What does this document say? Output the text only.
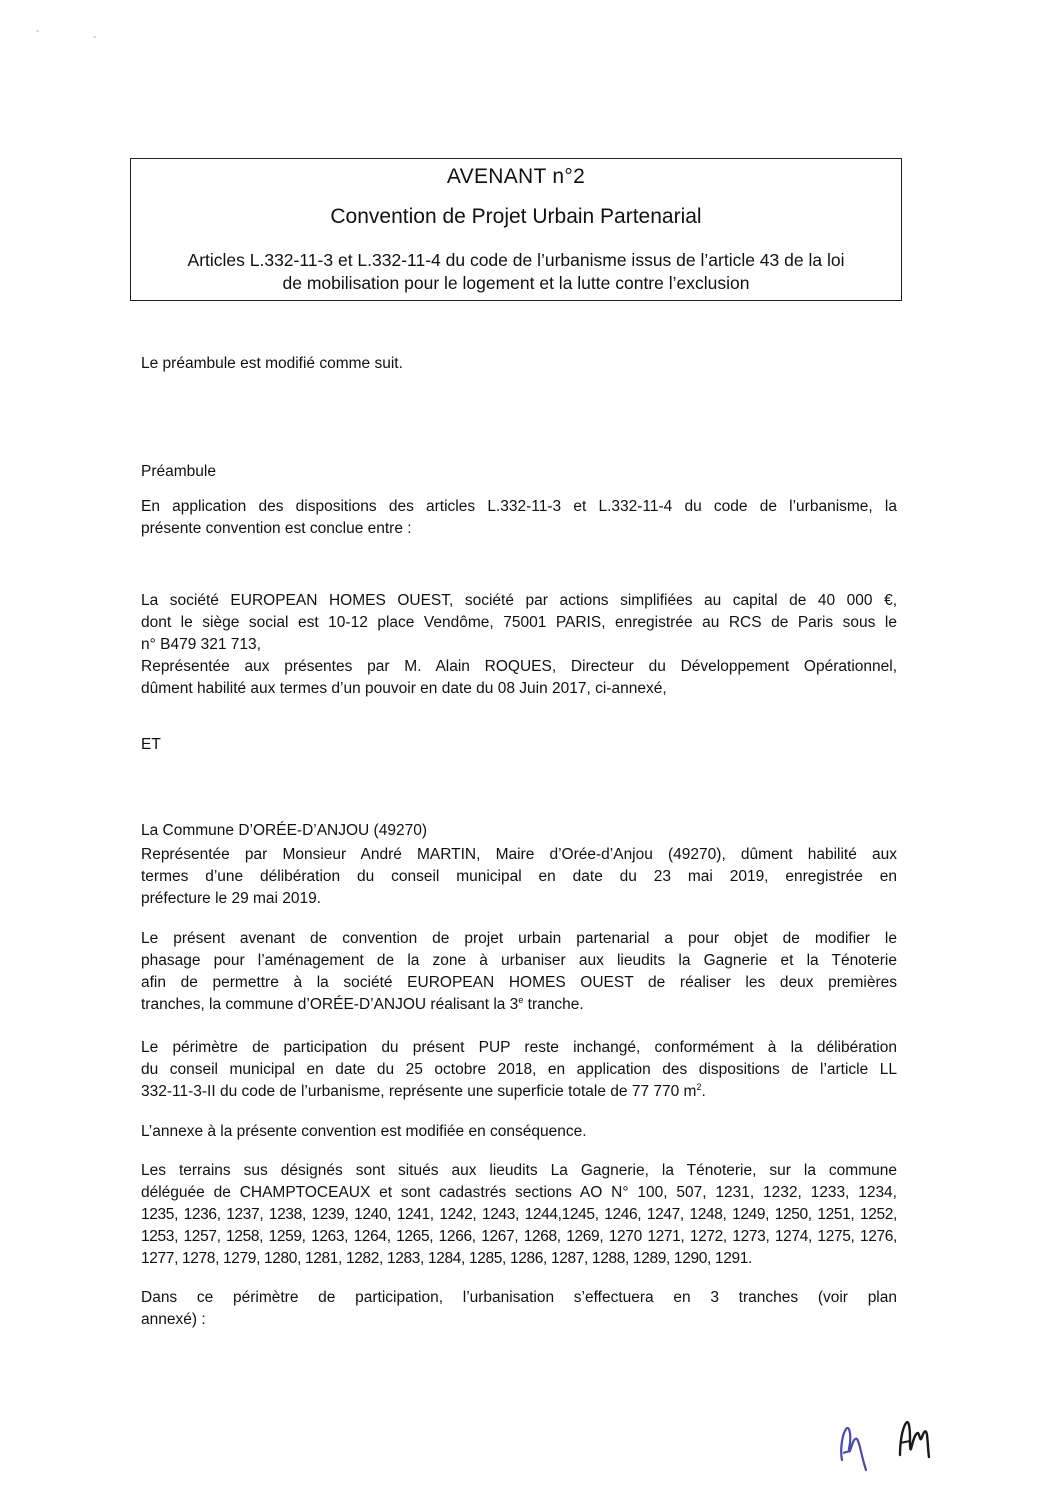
AVENANT n°2
Convention de Projet Urbain Partenarial
Articles L.332-11-3 et L.332-11-4 du code de l’urbanisme issus de l’article 43 de la loi
de mobilisation pour le logement et la lutte contre l’exclusion
Le préambule est modifié comme suit.
Préambule
En application des dispositions des articles L.332-11-3 et L.332-11-4 du code de l’urbanisme, la
présente convention est conclue entre :
La société EUROPEAN HOMES OUEST, société par actions simplifiées au capital de 40 000 €,
dont le siège social est 10-12 place Vendôme, 75001 PARIS, enregistrée au RCS de Paris sous le
n° B479 321 713,
Représentée aux présentes par M. Alain ROQUES, Directeur du Développement Opérationnel,
dûment habilité aux termes d’un pouvoir en date du 08 Juin 2017, ci-annexé,
ET
La Commune D’ORÉE-D’ANJOU (49270)
Représentée par Monsieur André MARTIN, Maire d’Orée-d’Anjou (49270), dûment habilité aux
termes d’une délibération du conseil municipal en date du 23 mai 2019, enregistrée en
préfecture le 29 mai 2019.
Le présent avenant de convention de projet urbain partenarial a pour objet de modifier le
phasage pour l’aménagement de la zone à urbaniser aux lieudits la Gagnerie et la Ténoterie
afin de permettre à la société EUROPEAN HOMES OUEST de réaliser les deux premières
tranches, la commune d’ORÉE-D’ANJOU réalisant la 3e tranche.
Le périmètre de participation du présent PUP reste inchangé, conformément à la délibération
du conseil municipal en date du 25 octobre 2018, en application des dispositions de l’article LL
332-11-3-II du code de l’urbanisme, représente une superficie totale de 77 770 $m^2$.
L’annexe à la présente convention est modifiée en conséquence.
Les terrains sus désignés sont situés aux lieudits La Gagnerie, la Ténoterie, sur la commune
déléguée de CHAMPTOCEAUX et sont cadastrés sections AO N° 100, 507, 1231, 1232, 1233, 1234,
1235, 1236, 1237, 1238, 1239, 1240, 1241, 1242, 1243, 1244,1245, 1246, 1247, 1248, 1249, 1250, 1251, 1252,
1253, 1257, 1258, 1259, 1263, 1264, 1265, 1266, 1267, 1268, 1269, 1270 1271, 1272, 1273, 1274, 1275, 1276,
1277, 1278, 1279, 1280, 1281, 1282, 1283, 1284, 1285, 1286, 1287, 1288, 1289, 1290, 1291.
Dans ce périmètre de participation, l’urbanisation s’effectuera en 3 tranches (voir plan
annexé) :
